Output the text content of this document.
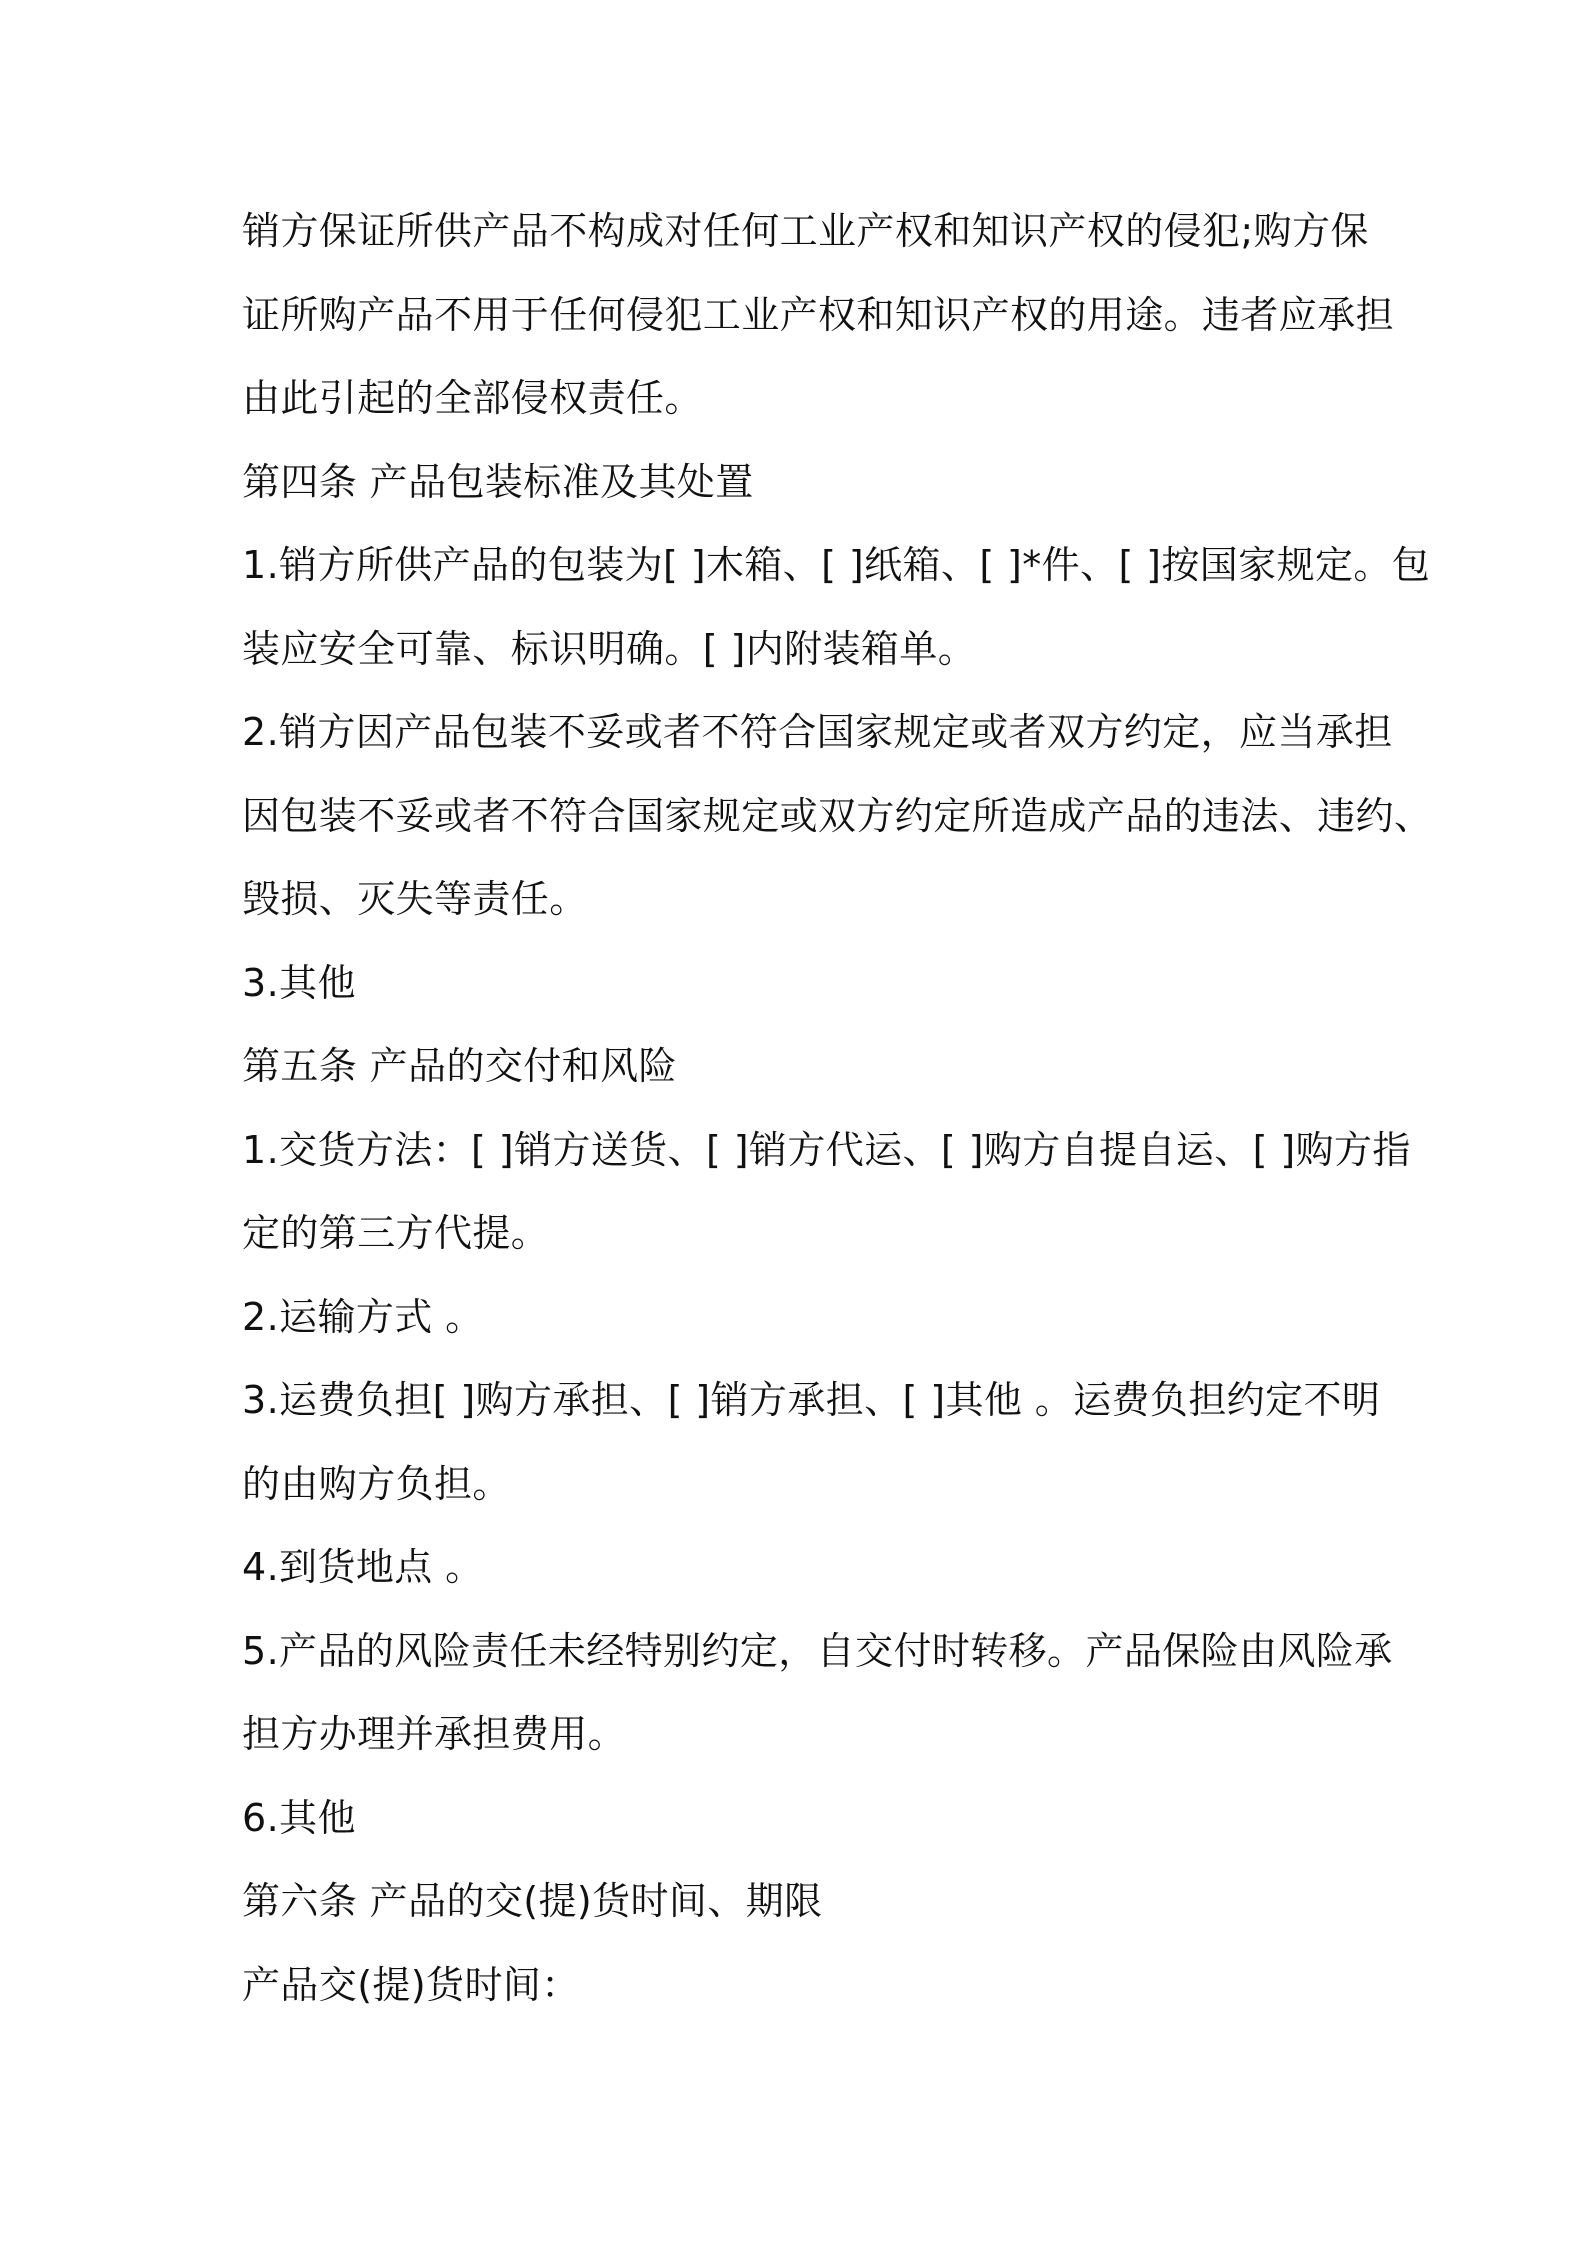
销方保证所供产品不构成对任何工业产权和知识产权的侵犯;购方保
证所购产品不用于任何侵犯工业产权和知识产权的用途。违者应承担
由此引起的全部侵权责任。
第四条 产品包装标准及其处置
1.销方所供产品的包装为[ ]木箱、[ ]纸箱、[ ]*件、[ ]按国家规定。包
装应安全可靠、标识明确。[ ]内附装箱单。
2.销方因产品包装不妥或者不符合国家规定或者双方约定，应当承担
因包装不妥或者不符合国家规定或双方约定所造成产品的违法、违约、
毁损、灭失等责任。
3.其他
第五条 产品的交付和风险
1.交货方法：[ ]销方送货、[ ]销方代运、[ ]购方自提自运、[ ]购方指
定的第三方代提。
2.运输方式 。
3.运费负担[ ]购方承担、[ ]销方承担、[ ]其他 。运费负担约定不明
的由购方负担。
4.到货地点 。
5.产品的风险责任未经特别约定，自交付时转移。产品保险由风险承
担方办理并承担费用。
6.其他
第六条 产品的交(提)货时间、期限
产品交(提)货时间：
